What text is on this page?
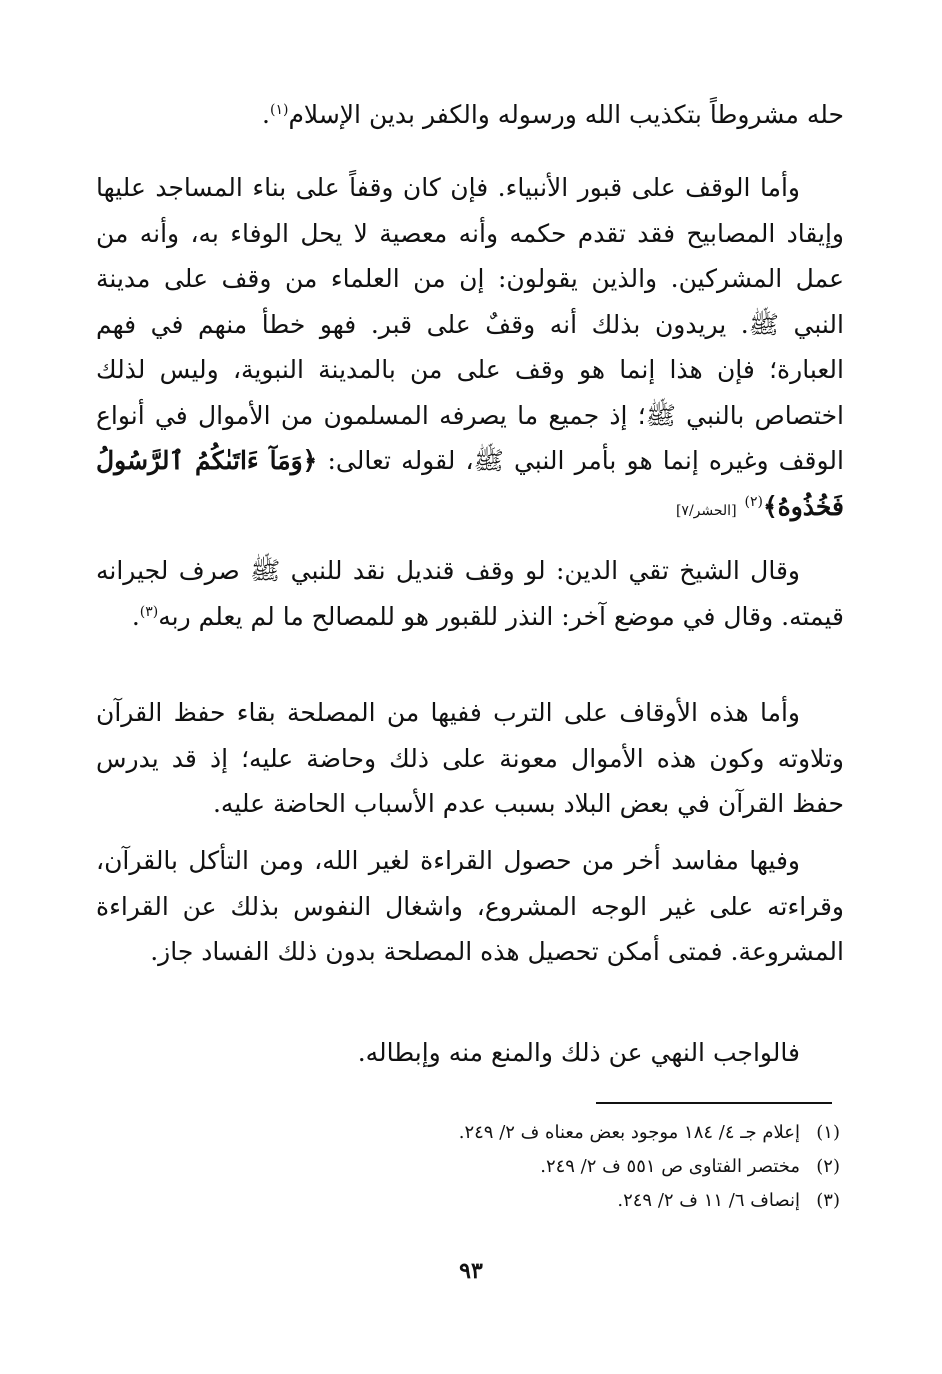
حله مشروطاً بتكذيب الله ورسوله والكفر بدين الإسلام$^{(١)}$.

وأما الوقف على قبور الأنبياء. فإن كان وقفاً على بناء المساجد عليها وإيقاد المصابيح فقد تقدم حكمه وأنه معصية لا يحل الوفاء به، وأنه من عمل المشركين. والذين يقولون: إن من العلماء من وقف على مدينة النبي ﷺ. يريدون بذلك أنه وقفٌ على قبر. فهو خطأ منهم في فهم العبارة؛ فإن هذا إنما هو وقف على من بالمدينة النبوية، وليس لذلك اختصاص بالنبي ﷺ؛ إذ جميع ما يصرفه المسلمون من الأموال في أنواع الوقف وغيره إنما هو بأمر النبي ﷺ، لقوله تعالى: ﴿وَمَآ ءَاتَىٰكُمُ ٱلرَّسُولُ فَخُذُوهُ﴾$^{(٢)}$ [الحشر/٧]

وقال الشيخ تقي الدين: لو وقف قنديل نقد للنبي ﷺ صرف لجيرانه قيمته. وقال في موضع آخر: النذر للقبور هو للمصالح ما لم يعلم ربه$^{(٣)}$.

وأما هذه الأوقاف على الترب ففيها من المصلحة بقاء حفظ القرآن وتلاوته وكون هذه الأموال معونة على ذلك وحاضة عليه؛ إذ قد يدرس حفظ القرآن في بعض البلاد بسبب عدم الأسباب الحاضة عليه.

وفيها مفاسد أخر من حصول القراءة لغير الله، ومن التأكل بالقرآن، وقراءته على غير الوجه المشروع، واشغال النفوس بذلك عن القراءة المشروعة. فمتى أمكن تحصيل هذه المصلحة بدون ذلك الفساد جاز.

فالواجب النهي عن ذلك والمنع منه وإبطاله.

(١)إعلام جـ ٤/ ١٨٤ موجود بعض معناه ف ٢/ ٢٤٩.
(٢)مختصر الفتاوى ص ٥٥١ ف ٢/ ٢٤٩.
(٣)إنصاف ٦/ ١١ ف ٢/ ٢٤٩.
٩٣
